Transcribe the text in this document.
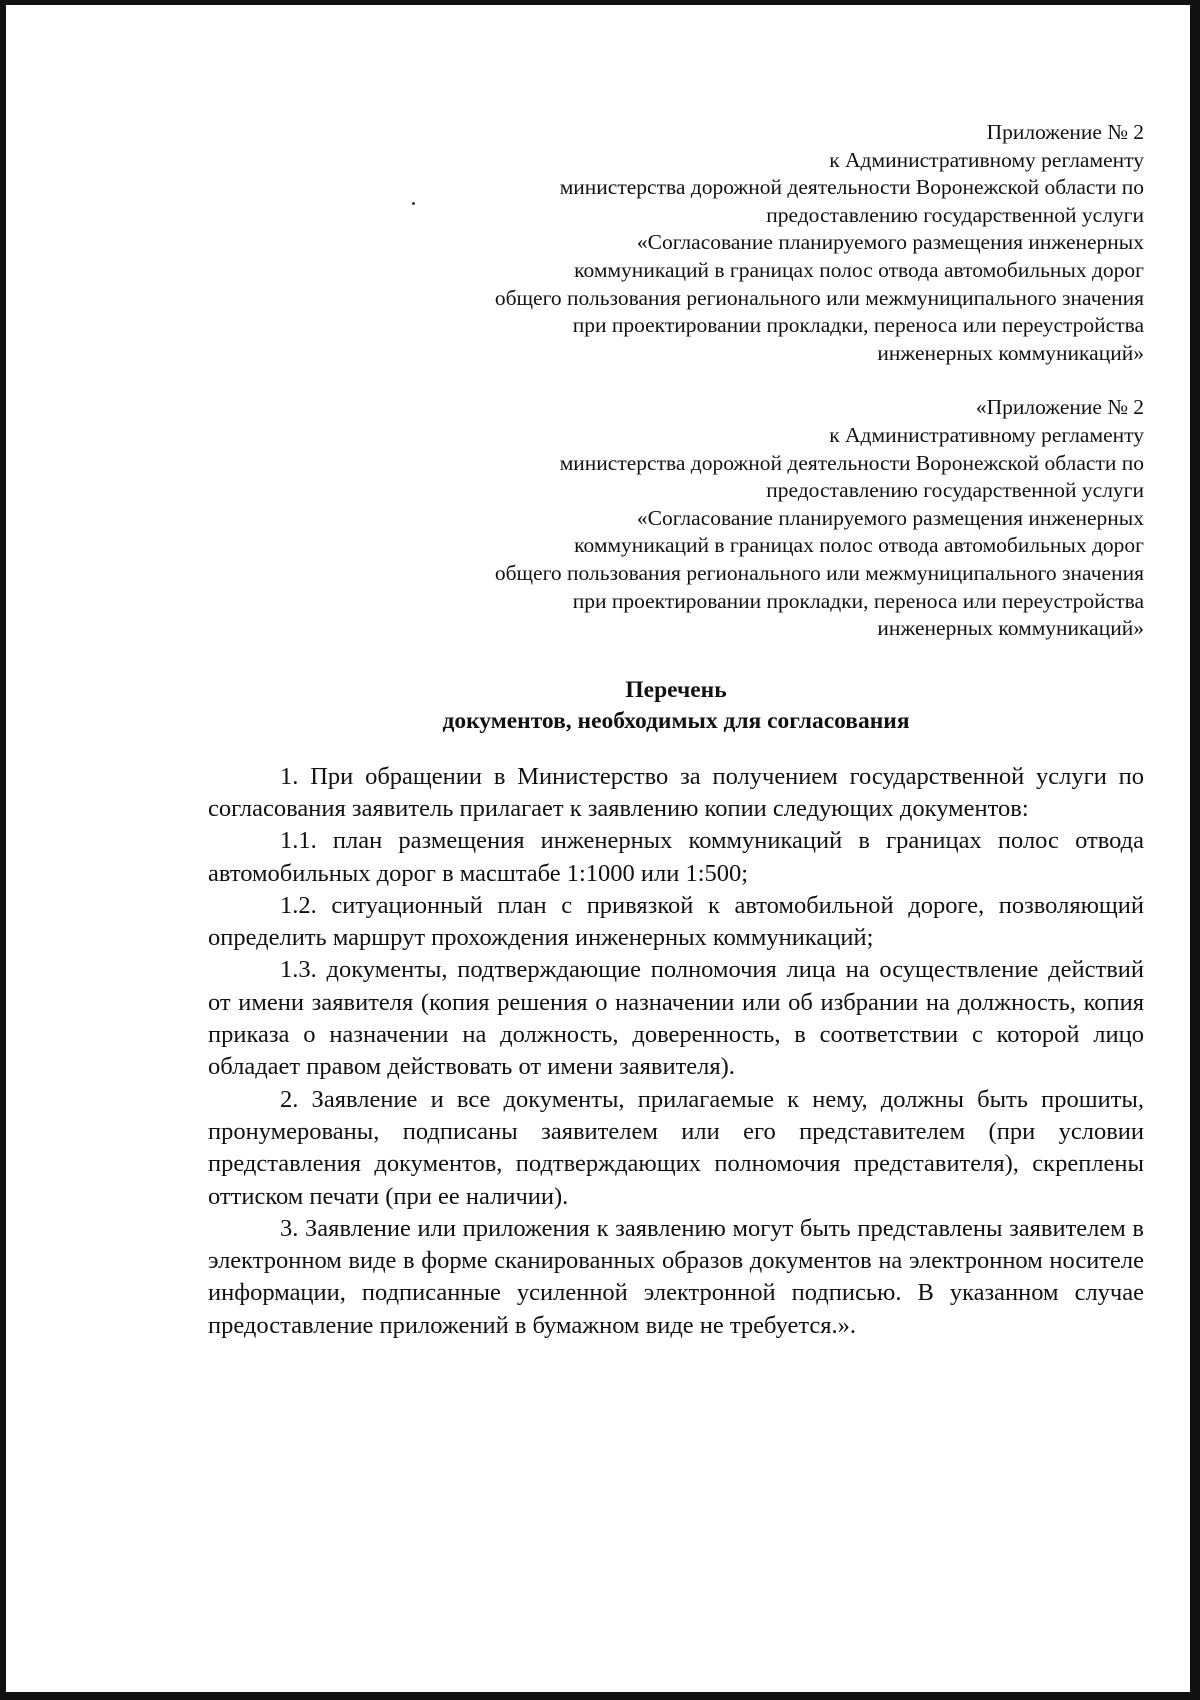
Приложение № 2
к Административному регламенту
министерства дорожной деятельности Воронежской области по
предоставлению государственной услуги
«Согласование планируемого размещения инженерных
коммуникаций в границах полос отвода автомобильных дорог
общего пользования регионального или межмуниципального значения
при проектировании прокладки, переноса или переустройства
инженерных коммуникаций»
«Приложение № 2
к Административному регламенту
министерства дорожной деятельности Воронежской области по
предоставлению государственной услуги
«Согласование планируемого размещения инженерных
коммуникаций в границах полос отвода автомобильных дорог
общего пользования регионального или межмуниципального значения
при проектировании прокладки, переноса или переустройства
инженерных коммуникаций»
Перечень
документов, необходимых для согласования

1. При обращении в Министерство за получением государственной услуги по согласования заявитель прилагает к заявлению копии следующих документов:

1.1. план размещения инженерных коммуникаций в границах полос отвода автомобильных дорог в масштабе 1:1000 или 1:500;

1.2. ситуационный план с привязкой к автомобильной дороге, позволяющий определить маршрут прохождения инженерных коммуникаций;

1.3. документы, подтверждающие полномочия лица на осуществление действий от имени заявителя (копия решения о назначении или об избрании на должность, копия приказа о назначении на должность, доверенность, в соответствии с которой лицо обладает правом действовать от имени заявителя).

2. Заявление и все документы, прилагаемые к нему, должны быть прошиты, пронумерованы, подписаны заявителем или его представителем (при условии представления документов, подтверждающих полномочия представителя), скреплены оттиском печати (при ее наличии).

3. Заявление или приложения к заявлению могут быть представлены заявителем в электронном виде в форме сканированных образов документов на электронном носителе информации, подписанные усиленной электронной подписью. В указанном случае предоставление приложений в бумажном виде не требуется.».
